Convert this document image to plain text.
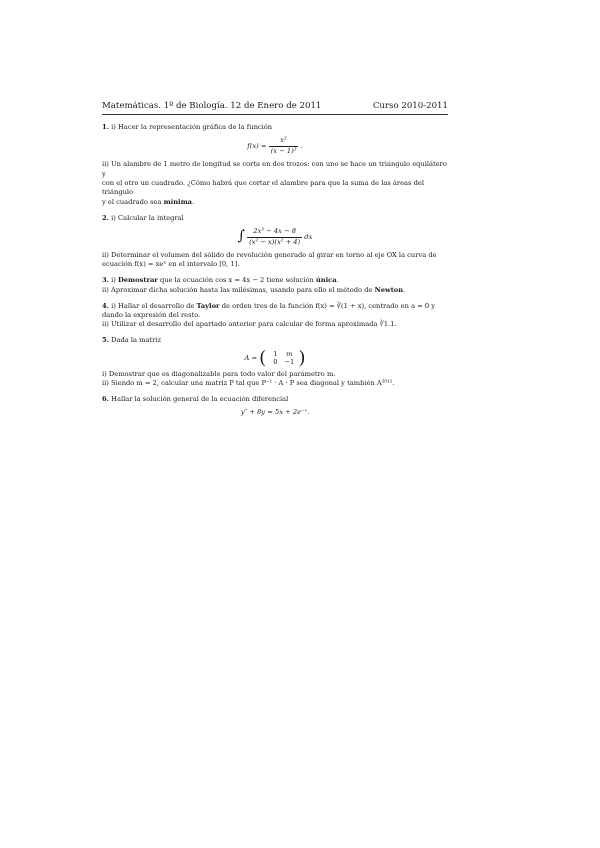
Matemáticas. 1º de Biología. 12 de Enero de 2011	Curso 2010-2011
1. i) Hacer la representación gráfica de la función
$f(x) = \frac{\text{x²}}{\text{(x − 1)²}}$ .
ii) Un alambre de 1 metro de longitud se corta en dos trozos: con uno se hace un triángulo equilátero y
con el otro un cuadrado. ¿Cómo habrá que cortar el alambre para que la suma de las áreas del triángulo
y el cuadrado sea mínima.
2. i) Calcular la integral
∫ $\frac{\text{2x³ − 4x − 8}}{\text{(x² − x)(x² + 4)}}$ dx
ii) Determinar el volumen del sólido de revolución generado al girar en torno al eje OX la curva de
ecuación f(x) = xeˣ en el intervalo [0, 1].
3. i) Demostrar que la ecuación cos x = 4x − 2 tiene solución única.
ii) Aproximar dicha solución hasta las milésimas, usando para ello el método de Newton.
4. i) Hallar el desarrollo de Taylor de orden tres de la función f(x) = ∛(1 + x), centrado en a = 0 y
dando la expresión del resto.
ii) Utilizar el desarrollo del apartado anterior para calcular de forma aproximada ∛1.1.
5. Dada la matriz
A = (	1 m
0 −1 )
i) Demostrar que es diagonalizable para todo valor del parámetro m.
ii) Siendo m = 2, calcular una matriz P tal que P⁻¹ · A · P sea diagonal y también A²⁰¹¹.
6. Hallar la solución general de la ecuación diferencial
y″ + 8y = 5x + 2e⁻ˣ.
